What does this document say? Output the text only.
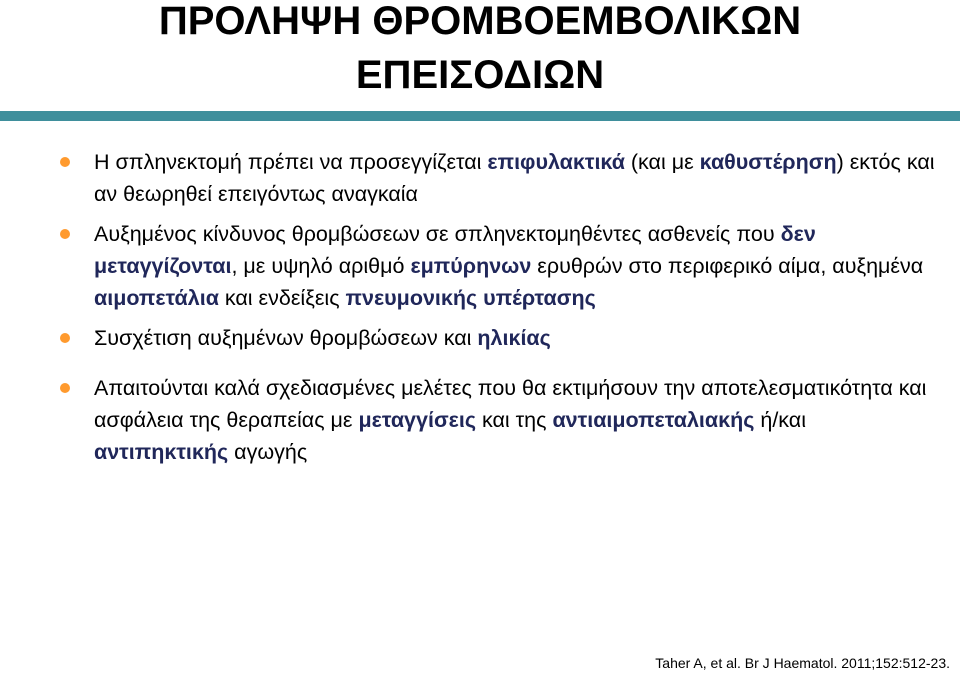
ΠΡΟΛΗΨΗ ΘΡΟΜΒΟΕΜΒΟΛΙΚΩΝ
ΕΠΕΙΣΟΔΙΩΝ
Η σπληνεκτομή πρέπει να προσεγγίζεται επιφυλακτικά (και με καθυστέρηση) εκτός και αν θεωρηθεί επειγόντως αναγκαία
Αυξημένος κίνδυνος θρομβώσεων σε σπληνεκτομηθέντες ασθενείς που δεν μεταγγίζονται, με υψηλό αριθμό εμπύρηνων ερυθρών στο περιφερικό αίμα, αυξημένα αιμοπετάλια και ενδείξεις πνευμονικής υπέρτασης
Συσχέτιση αυξημένων θρομβώσεων και ηλικίας
Απαιτούνται καλά σχεδιασμένες μελέτες που θα εκτιμήσουν την αποτελεσματικότητα και ασφάλεια της θεραπείας με μεταγγίσεις και της αντιαιμοπεταλιακής ή/και αντιπηκτικής αγωγής
Taher A, et al. Br J Haematol. 2011;152:512-23.
